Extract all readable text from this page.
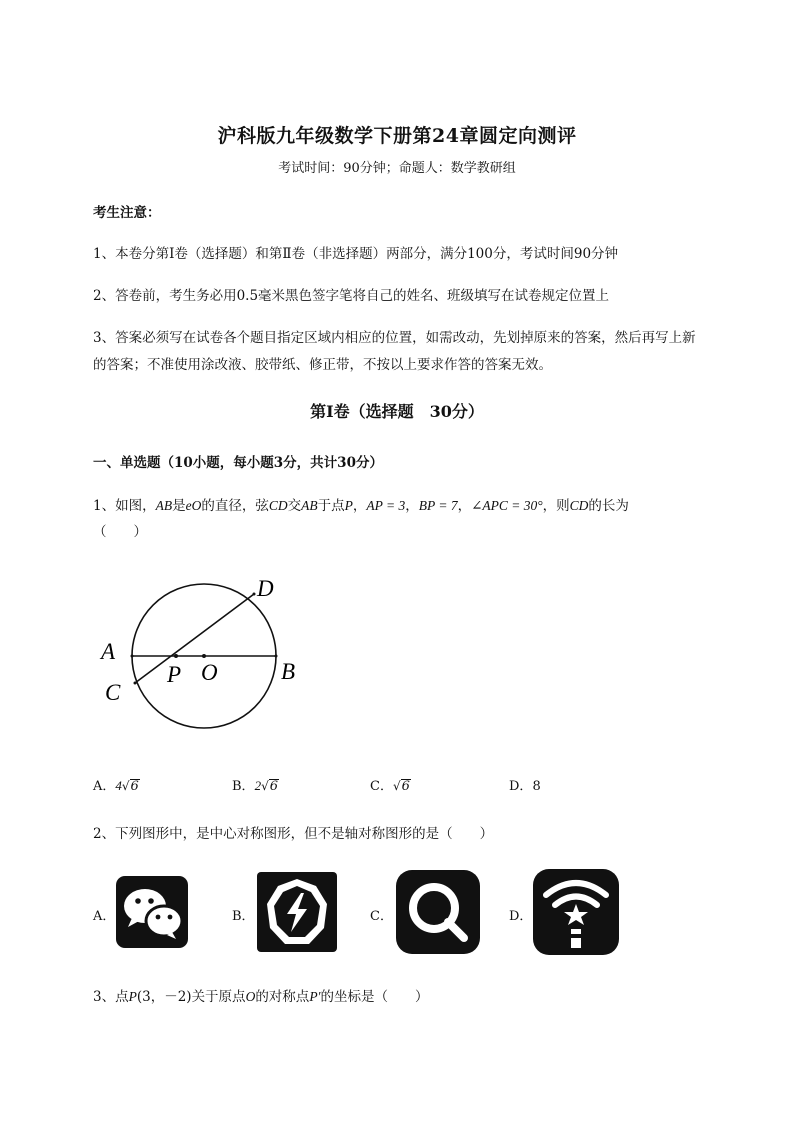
沪科版九年级数学下册第24章圆定向测评
考试时间：90分钟；命题人：数学教研组
考生注意：
1、本卷分第I卷（选择题）和第Ⅱ卷（非选择题）两部分，满分100分，考试时间90分钟
2、答卷前，考生务必用0.5毫米黑色签字笔将自己的姓名、班级填写在试卷规定位置上
3、答案必须写在试卷各个题目指定区域内相应的位置，如需改动，先划掉原来的答案，然后再写上新
的答案；不准使用涂改液、胶带纸、修正带，不按以上要求作答的答案无效。
第I卷（选择题　30分）
一、单选题（10小题，每小题3分，共计30分）
1、如图，AB是eO的直径，弦CD交AB于点P，AP = 3，BP = 7，∠APC = 30°，则CD的长为
（　　）
A
B
C
D
P O
A．4√6	B．2√6	C．√6	D．8
2、下列图形中，是中心对称图形，但不是轴对称图形的是（　　）
A．	B．	C．	D．
3、点P(3，－2)关于原点O的对称点P′的坐标是（　　）
